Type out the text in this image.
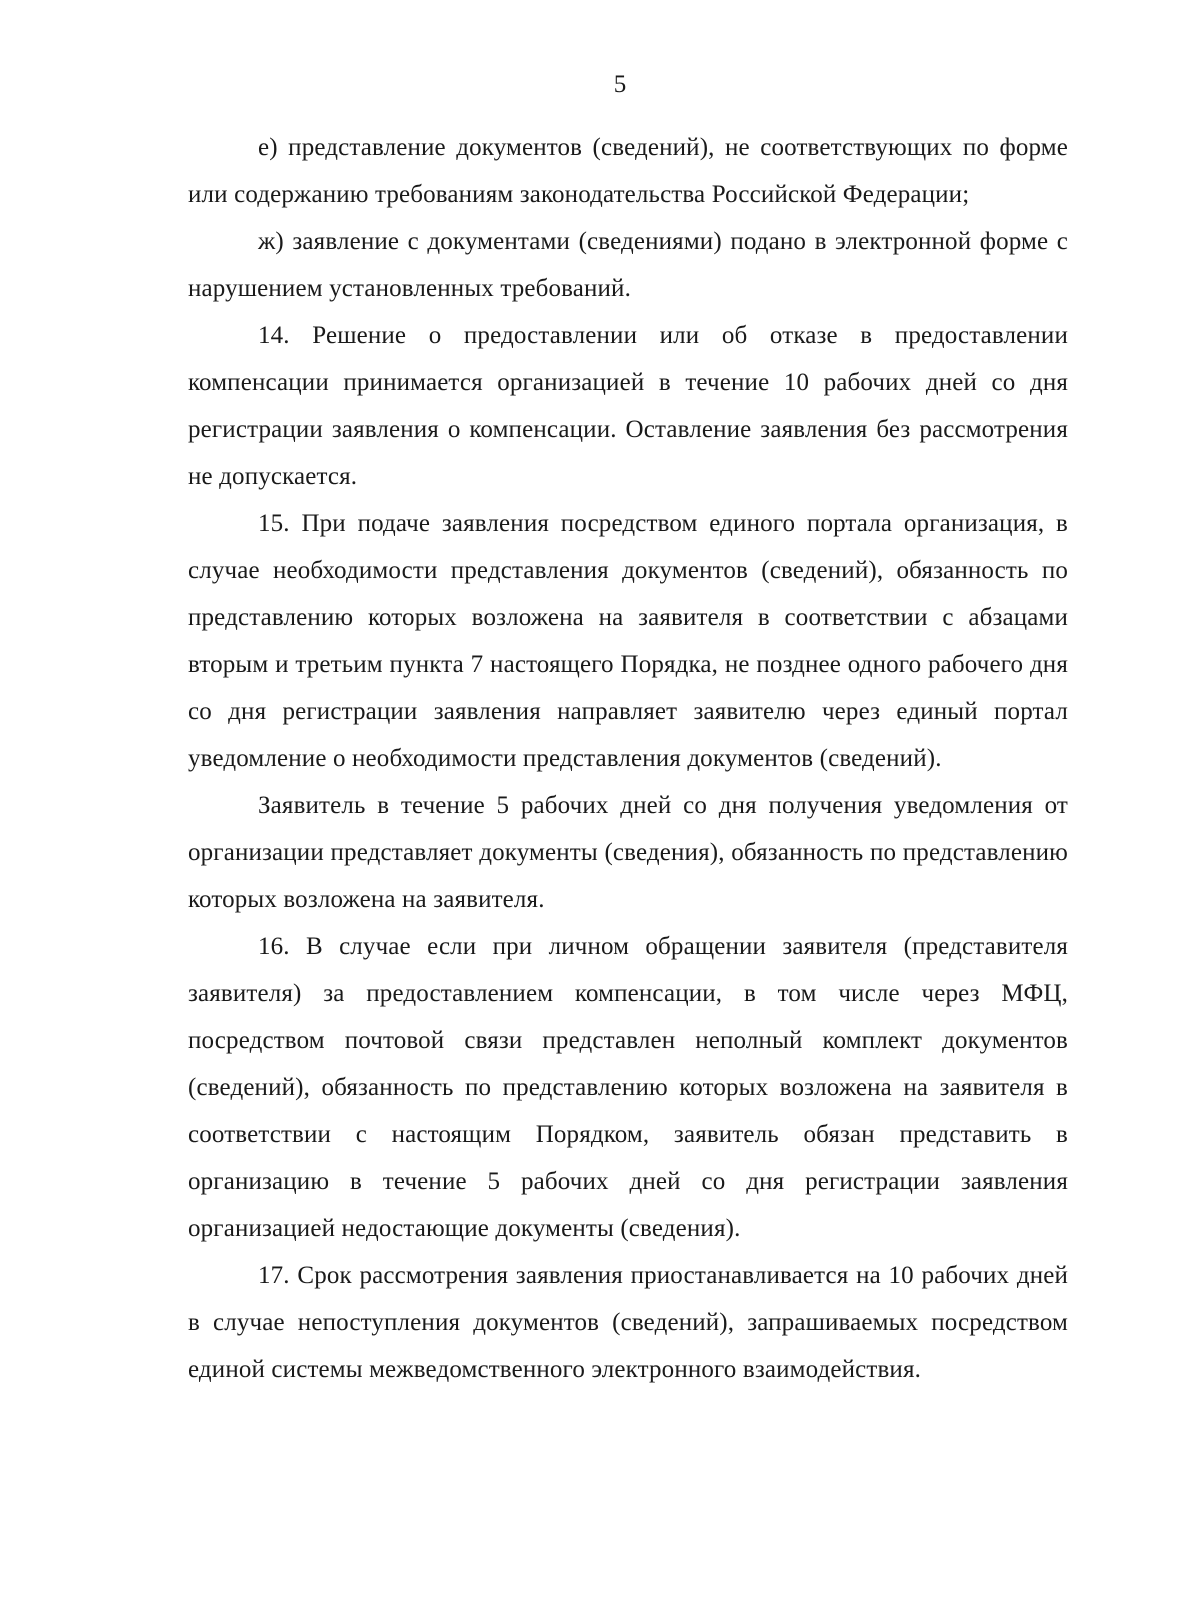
5

е) представление документов (сведений), не соответствующих по форме или содержанию требованиям законодательства Российской Федерации;

ж) заявление с документами (сведениями) подано в электронной форме с нарушением установленных требований.

14. Решение о предоставлении или об отказе в предоставлении компенсации принимается организацией в течение 10 рабочих дней со дня регистрации заявления о компенсации. Оставление заявления без рассмотрения не допускается.

15. При подаче заявления посредством единого портала организация, в случае необходимости представления документов (сведений), обязанность по представлению которых возложена на заявителя в соответствии с абзацами вторым и третьим пункта 7 настоящего Порядка, не позднее одного рабочего дня со дня регистрации заявления направляет заявителю через единый портал уведомление о необходимости представления документов (сведений).

Заявитель в течение 5 рабочих дней со дня получения уведомления от организации представляет документы (сведения), обязанность по представлению которых возложена на заявителя.

16. В случае если при личном обращении заявителя (представителя заявителя) за предоставлением компенсации, в том числе через МФЦ, посредством почтовой связи представлен неполный комплект документов (сведений), обязанность по представлению которых возложена на заявителя в соответствии с настоящим Порядком, заявитель обязан представить в организацию в течение 5 рабочих дней со дня регистрации заявления организацией недостающие документы (сведения).

17. Срок рассмотрения заявления приостанавливается на 10 рабочих дней в случае непоступления документов (сведений), запрашиваемых посредством единой системы межведомственного электронного взаимодействия.
